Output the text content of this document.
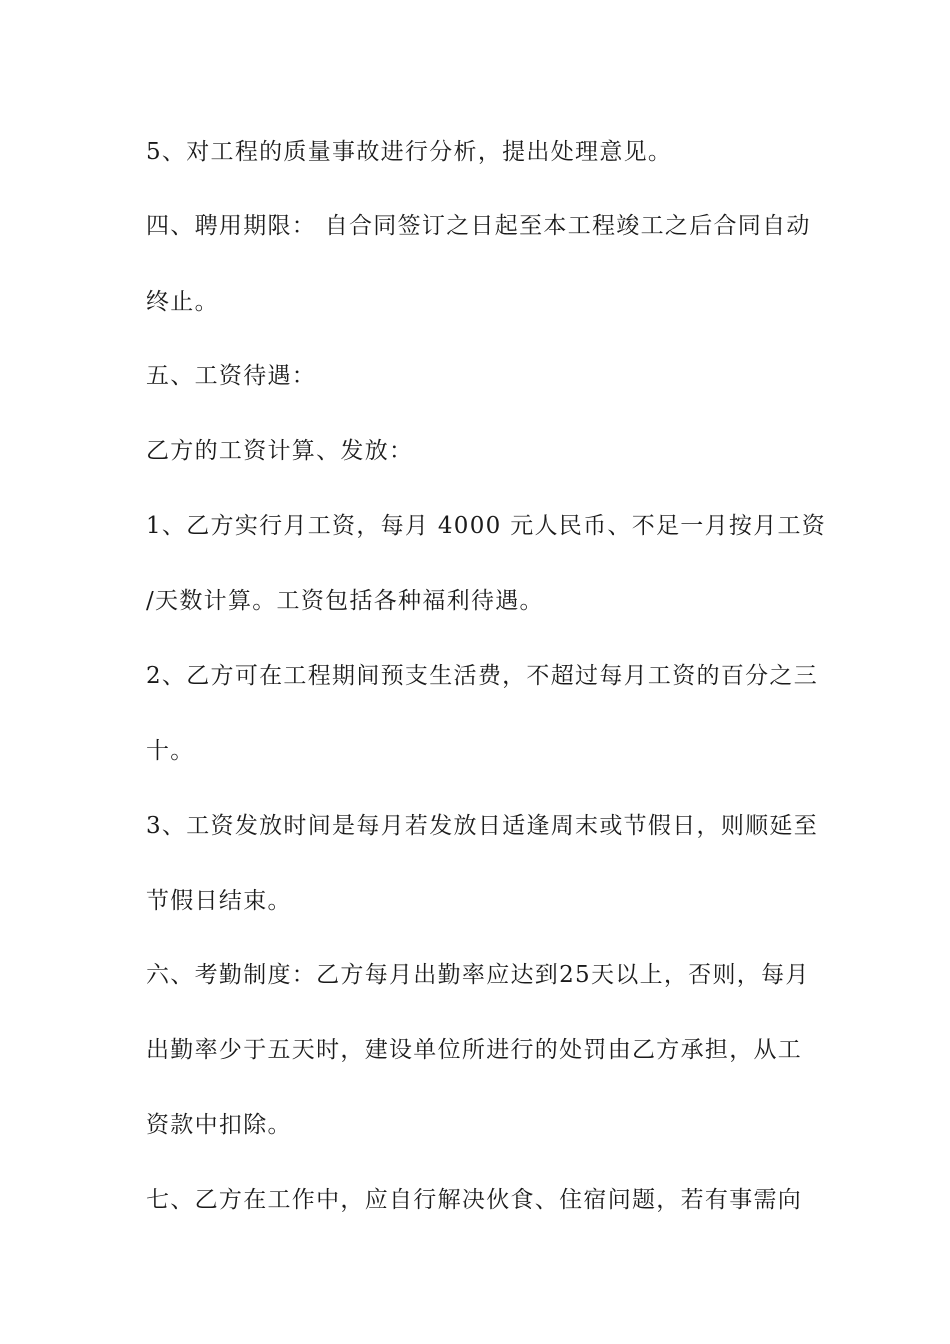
5、对工程的质量事故进行分析，提出处理意见。
四、聘用期限： 自合同签订之日起至本工程竣工之后合同自动
终止。
五、工资待遇：
乙方的工资计算、发放：
1、乙方实行月工资，每月 4000 元人民币、不足一月按月工资
/天数计算。工资包括各种福利待遇。
2、乙方可在工程期间预支生活费，不超过每月工资的百分之三
十。
3、工资发放时间是每月若发放日适逢周末或节假日，则顺延至
节假日结束。
六、考勤制度：乙方每月出勤率应达到25天以上，否则，每月
出勤率少于五天时，建设单位所进行的处罚由乙方承担，从工
资款中扣除。
七、乙方在工作中，应自行解决伙食、住宿问题，若有事需向
